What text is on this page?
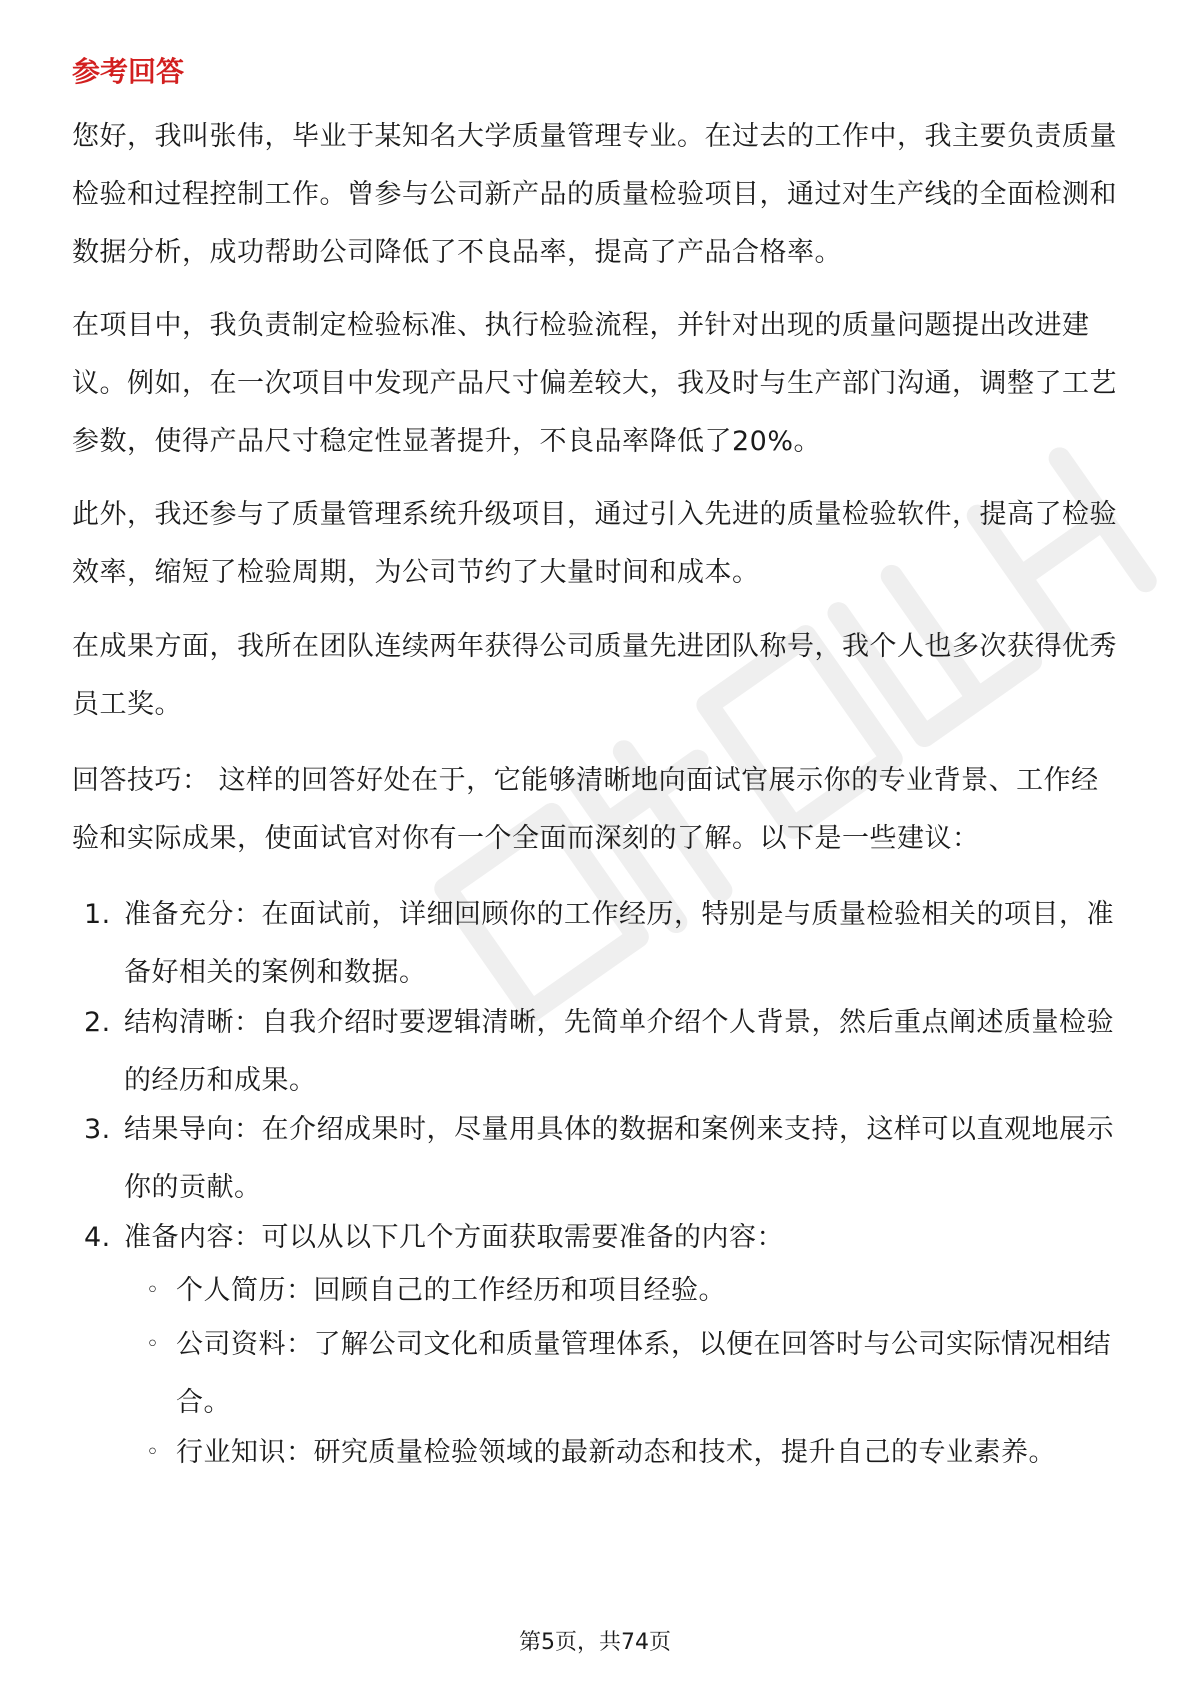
参考回答

您好，我叫张伟，毕业于某知名大学质量管理专业。在过去的工作中，我主要负责质量检验和过程控制工作。曾参与公司新产品的质量检验项目，通过对生产线的全面检测和数据分析，成功帮助公司降低了不良品率，提高了产品合格率。

在项目中，我负责制定检验标准、执行检验流程，并针对出现的质量问题提出改进建议。例如，在一次项目中发现产品尺寸偏差较大，我及时与生产部门沟通，调整了工艺参数，使得产品尺寸稳定性显著提升，不良品率降低了20%。

此外，我还参与了质量管理系统升级项目，通过引入先进的质量检验软件，提高了检验效率，缩短了检验周期，为公司节约了大量时间和成本。

在成果方面，我所在团队连续两年获得公司质量先进团队称号，我个人也多次获得优秀员工奖。

回答技巧： 这样的回答好处在于，它能够清晰地向面试官展示你的专业背景、工作经验和实际成果，使面试官对你有一个全面而深刻的了解。以下是一些建议：

1. 准备充分：在面试前，详细回顾你的工作经历，特别是与质量检验相关的项目，准备好相关的案例和数据。
2. 结构清晰：自我介绍时要逻辑清晰，先简单介绍个人背景，然后重点阐述质量检验的经历和成果。
3. 结果导向：在介绍成果时，尽量用具体的数据和案例来支持，这样可以直观地展示你的贡献。
4. 准备内容：可以从以下几个方面获取需要准备的内容：
◦ 个人简历：回顾自己的工作经历和项目经验。
◦ 公司资料：了解公司文化和质量管理体系，以便在回答时与公司实际情况相结合。
◦ 行业知识：研究质量检验领域的最新动态和技术，提升自己的专业素养。
第5页，共74页
